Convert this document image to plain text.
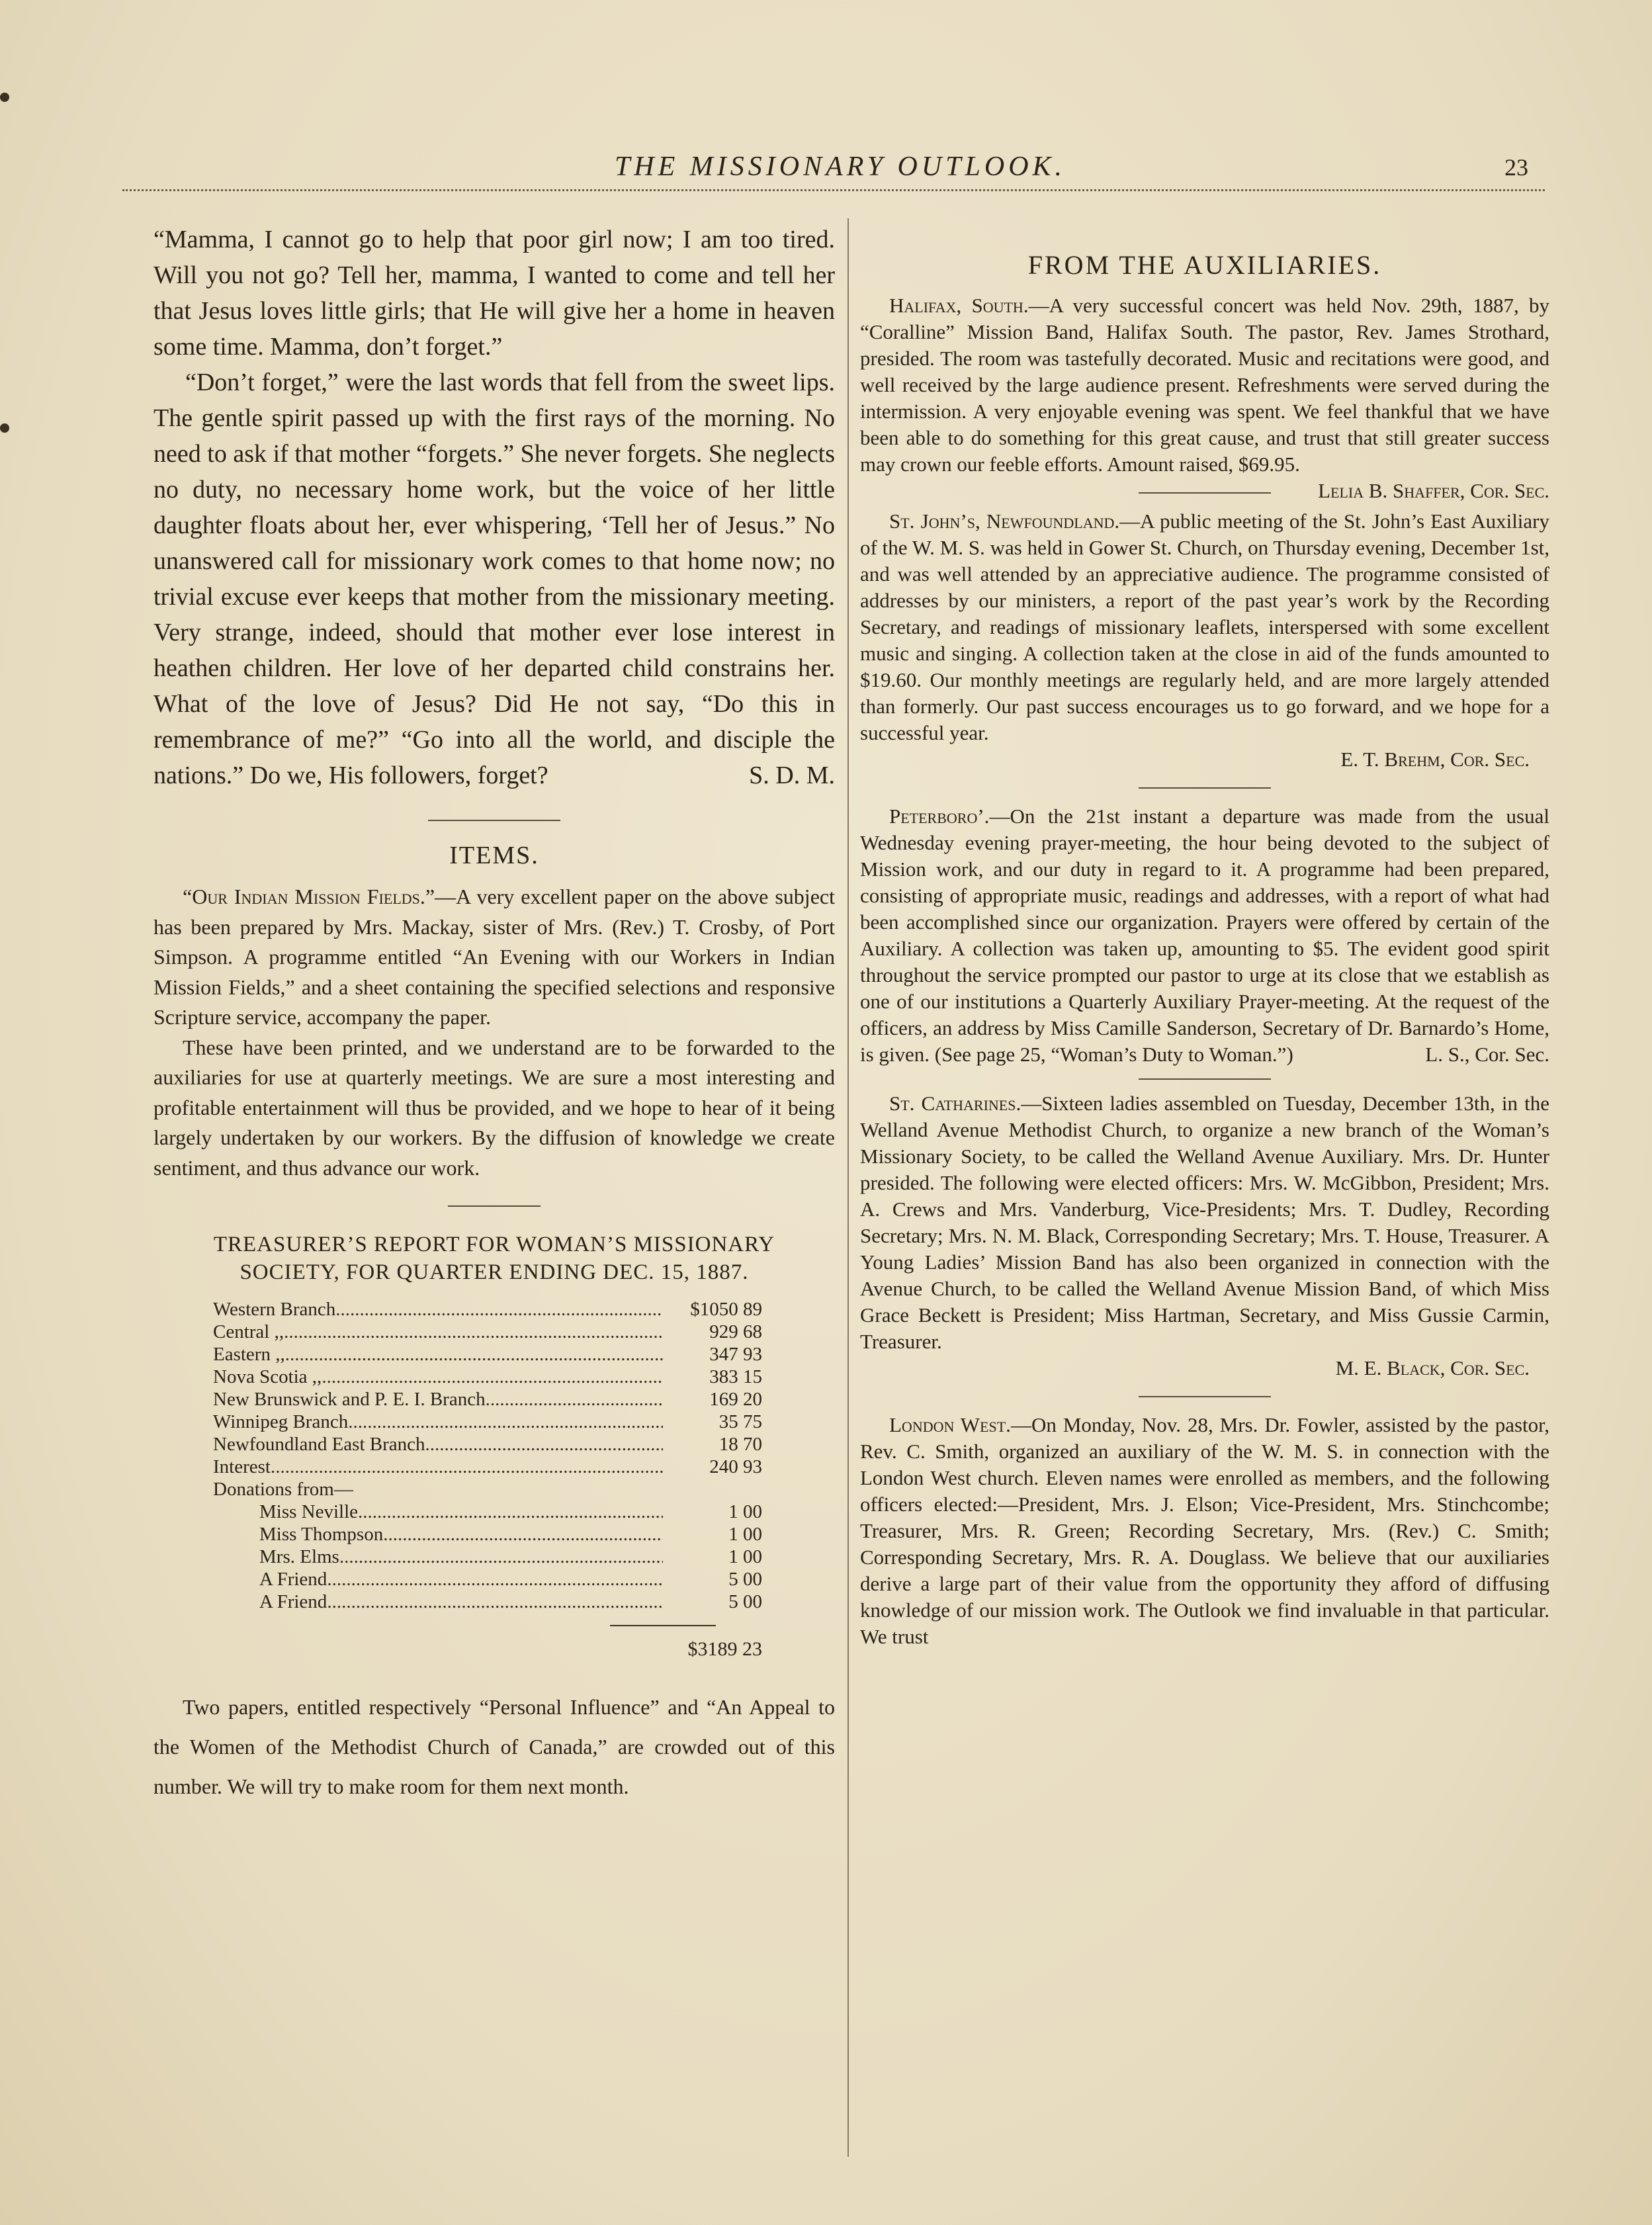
THE MISSIONARY OUTLOOK.	23

“Mamma, I cannot go to help that poor girl now; I am too tired. Will you not go? Tell her, mamma, I wanted to come and tell her that Jesus loves little girls; that He will give her a home in heaven some time. Mamma, don’t forget.”

“Don’t forget,” were the last words that fell from the sweet lips. The gentle spirit passed up with the first rays of the morning. No need to ask if that mother “forgets.” She never forgets. She neglects no duty, no necessary home work, but the voice of her little daughter floats about her, ever whispering, ‘Tell her of Jesus.” No unanswered call for missionary work comes to that home now; no trivial excuse ever keeps that mother from the missionary meeting. Very strange, indeed, should that mother ever lose interest in heathen children. Her love of her departed child constrains her. What of the love of Jesus? Did He not say, “Do this in remembrance of me?” “Go into all the world, and disciple the nations.” Do we, His followers, forget?	S. D. M.

ITEMS.

“Our Indian Mission Fields.”—A very excellent paper on the above subject has been prepared by Mrs. Mackay, sister of Mrs. (Rev.) T. Crosby, of Port Simpson. A programme entitled “An Evening with our Workers in Indian Mission Fields,” and a sheet containing the specified selections and responsive Scripture service, accompany the paper.

These have been printed, and we understand are to be forwarded to the auxiliaries for use at quarterly meetings. We are sure a most interesting and profitable entertainment will thus be provided, and we hope to hear of it being largely undertaken by our workers. By the diffusion of knowledge we create sentiment, and thus advance our work.

TREASURER’S REPORT FOR WOMAN’S MISSIONARY
SOCIETY, FOR QUARTER ENDING DEC. 15, 1887.
Western Branch .....	$1050 89
Central ,, .....	929 68
Eastern ,, .....	347 93
Nova Scotia ,, .....	383 15
New Brunswick and P. E. I. Branch .....	169 20
Winnipeg Branch .....	35 75
Newfoundland East Branch .....	18 70
Interest .....	240 93
Donations from—
Miss Neville .....	1 00
Miss Thompson .....	1 00
Mrs. Elms .....	1 00
A Friend .....	5 00
A Friend .....	5 00
$3189 23

Two papers, entitled respectively “Personal Influence” and “An Appeal to the Women of the Methodist Church of Canada,” are crowded out of this number. We will try to make room for them next month.

FROM THE AUXILIARIES.

Halifax, South.—A very successful concert was held Nov. 29th, 1887, by “Coralline” Mission Band, Halifax South. The pastor, Rev. James Strothard, presided. The room was tastefully decorated. Music and recitations were good, and well received by the large audience present. Refreshments were served during the intermission. A very enjoyable evening was spent. We feel thankful that we have been able to do something for this great cause, and trust that still greater success may crown our feeble efforts. Amount raised, $69.95.
Lelia B. Shaffer, Cor. Sec.

St. John’s, Newfoundland.—A public meeting of the St. John’s East Auxiliary of the W. M. S. was held in Gower St. Church, on Thursday evening, December 1st, and was well attended by an appreciative audience. The programme consisted of addresses by our ministers, a report of the past year’s work by the Recording Secretary, and readings of missionary leaflets, interspersed with some excellent music and singing. A collection taken at the close in aid of the funds amounted to $19.60. Our monthly meetings are regularly held, and are more largely attended than formerly. Our past success encourages us to go forward, and we hope for a successful year.

E. T. Brehm, Cor. Sec.

Peterboro’.—On the 21st instant a departure was made from the usual Wednesday evening prayer-meeting, the hour being devoted to the subject of Mission work, and our duty in regard to it. A programme had been prepared, consisting of appropriate music, readings and addresses, with a report of what had been accomplished since our organization. Prayers were offered by certain of the Auxiliary. A collection was taken up, amounting to $5. The evident good spirit throughout the service prompted our pastor to urge at its close that we establish as one of our institutions a Quarterly Auxiliary Prayer-meeting. At the request of the officers, an address by Miss Camille Sanderson, Secretary of Dr. Barnardo’s Home, is given. (See page 25, “Woman’s Duty to Woman.”)	L. S., Cor. Sec.

St. Catharines.—Sixteen ladies assembled on Tuesday, December 13th, in the Welland Avenue Methodist Church, to organize a new branch of the Woman’s Missionary Society, to be called the Welland Avenue Auxiliary. Mrs. Dr. Hunter presided. The following were elected officers: Mrs. W. McGibbon, President; Mrs. A. Crews and Mrs. Vanderburg, Vice-Presidents; Mrs. T. Dudley, Recording Secretary; Mrs. N. M. Black, Corresponding Secretary; Mrs. T. House, Treasurer. A Young Ladies’ Mission Band has also been organized in connection with the Avenue Church, to be called the Welland Avenue Mission Band, of which Miss Grace Beckett is President; Miss Hartman, Secretary, and Miss Gussie Carmin, Treasurer.

M. E. Black, Cor. Sec.

London West.—On Monday, Nov. 28, Mrs. Dr. Fowler, assisted by the pastor, Rev. C. Smith, organized an auxiliary of the W. M. S. in connection with the London West church. Eleven names were enrolled as members, and the following officers elected:—President, Mrs. J. Elson; Vice-President, Mrs. Stinchcombe; Treasurer, Mrs. R. Green; Recording Secretary, Mrs. (Rev.) C. Smith; Corresponding Secretary, Mrs. R. A. Douglass. We believe that our auxiliaries derive a large part of their value from the opportunity they afford of diffusing knowledge of our mission work. The Outlook we find invaluable in that particular. We trust
